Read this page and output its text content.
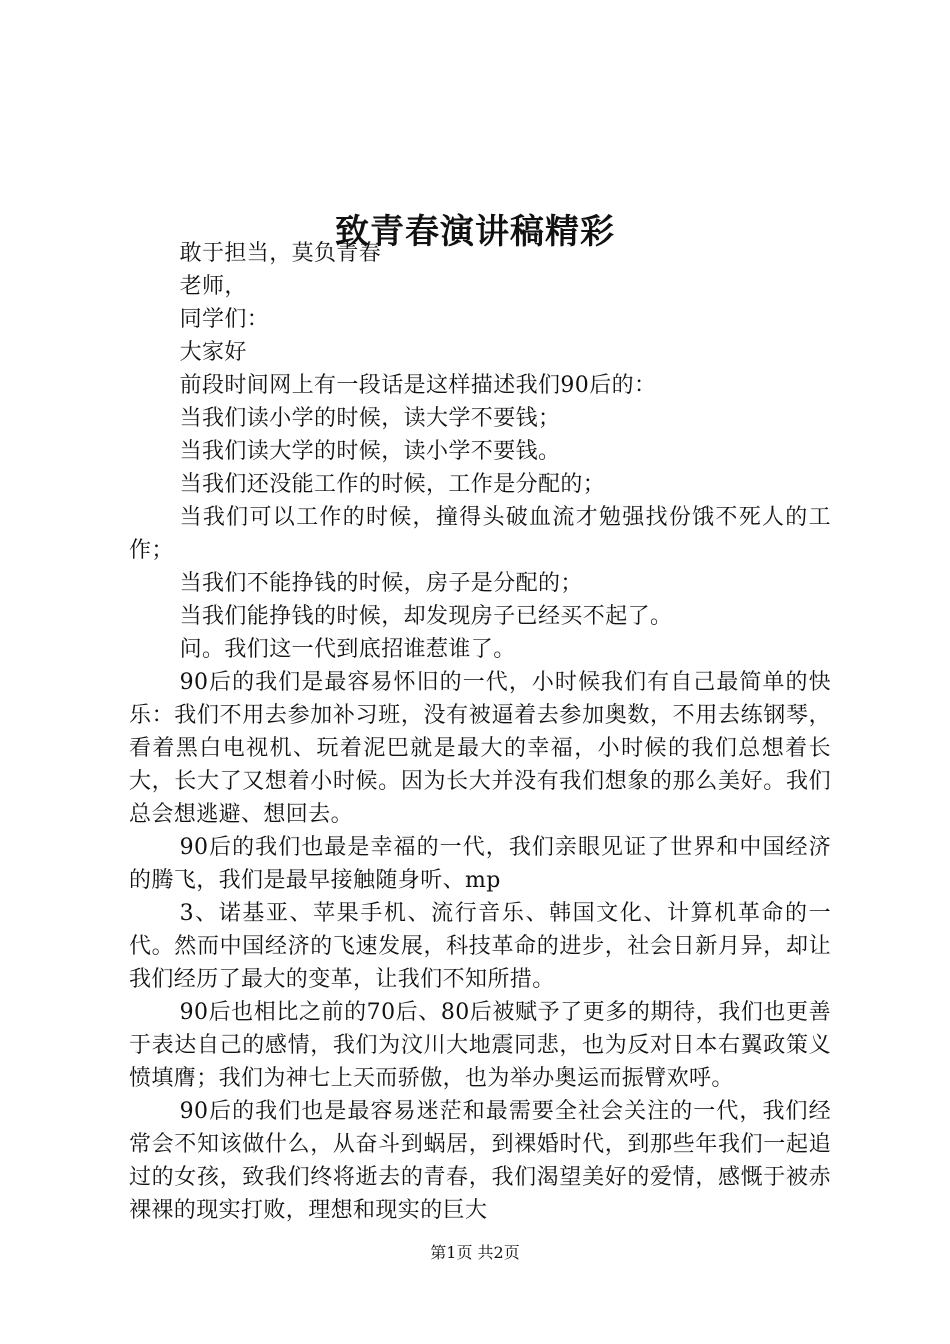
致青春演讲稿精彩

敢于担当，莫负青春

老师，

同学们：

大家好

前段时间网上有一段话是这样描述我们90后的：

当我们读小学的时候，读大学不要钱；

当我们读大学的时候，读小学不要钱。

当我们还没能工作的时候，工作是分配的；

当我们可以工作的时候，撞得头破血流才勉强找份饿不死人的工作；

当我们不能挣钱的时候，房子是分配的；

当我们能挣钱的时候，却发现房子已经买不起了。

问。我们这一代到底招谁惹谁了。

90后的我们是最容易怀旧的一代，小时候我们有自己最简单的快乐：我们不用去参加补习班，没有被逼着去参加奥数，不用去练钢琴，看着黑白电视机、玩着泥巴就是最大的幸福，小时候的我们总想着长大，长大了又想着小时候。因为长大并没有我们想象的那么美好。我们总会想逃避、想回去。

90后的我们也最是幸福的一代，我们亲眼见证了世界和中国经济的腾飞，我们是最早接触随身听、mp

3、诺基亚、苹果手机、流行音乐、韩国文化、计算机革命的一代。然而中国经济的飞速发展，科技革命的进步，社会日新月异，却让我们经历了最大的变革，让我们不知所措。

90后也相比之前的70后、80后被赋予了更多的期待，我们也更善于表达自己的感情，我们为汶川大地震同悲，也为反对日本右翼政策义愤填膺；我们为神七上天而骄傲，也为举办奥运而振臂欢呼。

90后的我们也是最容易迷茫和最需要全社会关注的一代，我们经常会不知该做什么，从奋斗到蜗居，到裸婚时代，到那些年我们一起追过的女孩，致我们终将逝去的青春，我们渴望美好的爱情，感慨于被赤裸裸的现实打败，理想和现实的巨大

第1页 共2页
